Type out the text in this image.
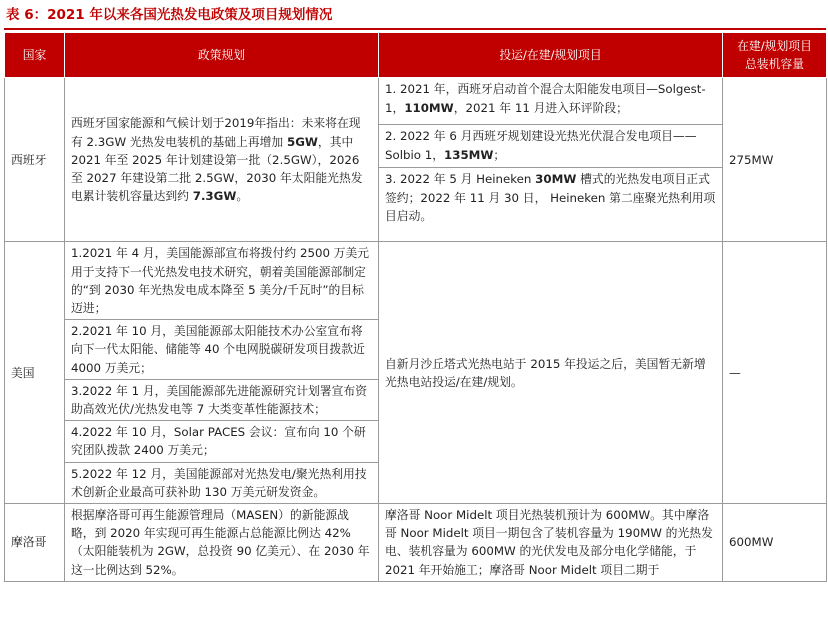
表 6：2021 年以来各国光热发电政策及项目规划情况
国家	政策规划	投运/在建/规划项目	在建/规划项目
总装机容量

西班牙	西班牙国家能源和气候计划于2019年指出：未来将在现有 2.3GW 光热发电装机的基础上再增加 5GW，其中 2021 年至 2025 年计划建设第一批（2.5GW），2026 至 2027 年建设第二批 2.5GW，2030 年太阳能光热发电累计装机容量达到约 7.3GW。	1. 2021 年，西班牙启动首个混合太阳能发电项目—Solgest-1，110MW，2021 年 11 月进入环评阶段；
2. 2022 年 6 月西班牙规划建设光热光伏混合发电项目——Solbio 1，135MW；
3. 2022 年 5 月 Heineken 30MW 槽式的光热发电项目正式签约；2022 年 11 月 30 日， Heineken 第二座聚光热利用项目启动。	275MW
美国	1.2021 年 4 月，美国能源部宣布将拨付约 2500 万美元用于支持下一代光热发电技术研究，朝着美国能源部制定的“到 2030 年光热发电成本降至 5 美分/千瓦时”的目标迈进；
2.2021 年 10 月，美国能源部太阳能技术办公室宣布将向下一代太阳能、储能等 40 个电网脱碳研发项目拨款近 4000 万美元；
3.2022 年 1 月，美国能源部先进能源研究计划署宣布资助高效光伏/光热发电等 7 大类变革性能源技术；
4.2022 年 10 月，Solar PACES 会议：宣布向 10 个研究团队拨款 2400 万美元；
5.2022 年 12 月，美国能源部对光热发电/聚光热利用技术创新企业最高可获补助 130 万美元研发资金。	自新月沙丘塔式光热电站于 2015 年投运之后，美国暂无新增光热电站投运/在建/规划。	—
摩洛哥	根据摩洛哥可再生能源管理局（MASEN）的新能源战略，到 2020 年实现可再生能源占总能源比例达 42%（太阳能装机为 2GW，总投资 90 亿美元）、在 2030 年这一比例达到 52%。	摩洛哥 Noor Midelt 项目光热装机预计为 600MW。其中摩洛哥 Noor Midelt 项目一期包含了装机容量为 190MW 的光热发电、装机容量为 600MW 的光伏发电及部分电化学储能，于 2021 年开始施工；摩洛哥 Noor Midelt 项目二期于	600MW
